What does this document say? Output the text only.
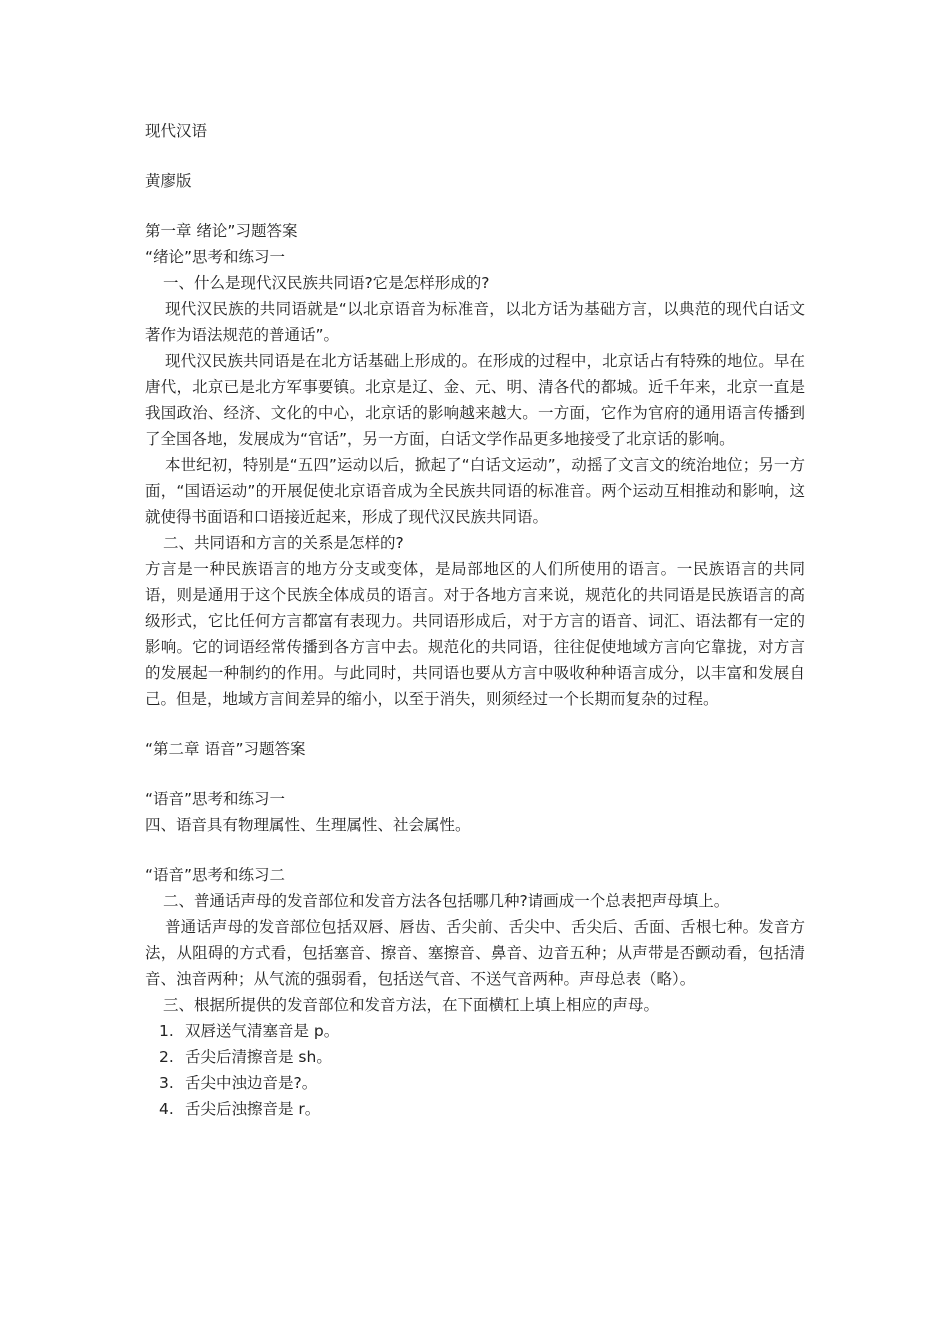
现代汉语
黄廖版
第一章 绪论”习题答案
“绪论”思考和练习一
一、什么是现代汉民族共同语?它是怎样形成的?
现代汉民族的共同语就是“以北京语音为标准音，以北方话为基础方言，以典范的现代白话文著作为语法规范的普通话”。
现代汉民族共同语是在北方话基础上形成的。在形成的过程中，北京话占有特殊的地位。早在唐代，北京已是北方军事要镇。北京是辽、金、元、明、清各代的都城。近千年来，北京一直是我国政治、经济、文化的中心，北京话的影响越来越大。一方面，它作为官府的通用语言传播到了全国各地，发展成为“官话”，另一方面，白话文学作品更多地接受了北京话的影响。
本世纪初，特别是“五四”运动以后，掀起了“白话文运动”，动摇了文言文的统治地位；另一方面，“国语运动”的开展促使北京语音成为全民族共同语的标准音。两个运动互相推动和影响，这就使得书面语和口语接近起来，形成了现代汉民族共同语。
二、共同语和方言的关系是怎样的?
方言是一种民族语言的地方分支或变体，是局部地区的人们所使用的语言。一民族语言的共同语，则是通用于这个民族全体成员的语言。对于各地方言来说，规范化的共同语是民族语言的高级形式，它比任何方言都富有表现力。共同语形成后，对于方言的语音、词汇、语法都有一定的影响。它的词语经常传播到各方言中去。规范化的共同语，往往促使地域方言向它靠拢，对方言的发展起一种制约的作用。与此同时，共同语也要从方言中吸收种种语言成分，以丰富和发展自己。但是，地域方言间差异的缩小，以至于消失，则须经过一个长期而复杂的过程。
“第二章 语音”习题答案
“语音”思考和练习一
四、语音具有物理属性、生理属性、社会属性。
“语音”思考和练习二
二、普通话声母的发音部位和发音方法各包括哪几种?请画成一个总表把声母填上。
普通话声母的发音部位包括双唇、唇齿、舌尖前、舌尖中、舌尖后、舌面、舌根七种。发音方法，从阻碍的方式看，包括塞音、擦音、塞擦音、鼻音、边音五种；从声带是否颤动看，包括清音、浊音两种；从气流的强弱看，包括送气音、不送气音两种。声母总表（略）。
三、根据所提供的发音部位和发音方法，在下面横杠上填上相应的声母。
1. 双唇送气清塞音是 p。
2. 舌尖后清擦音是 sh。
3. 舌尖中浊边音是?。
4. 舌尖后浊擦音是 r。
